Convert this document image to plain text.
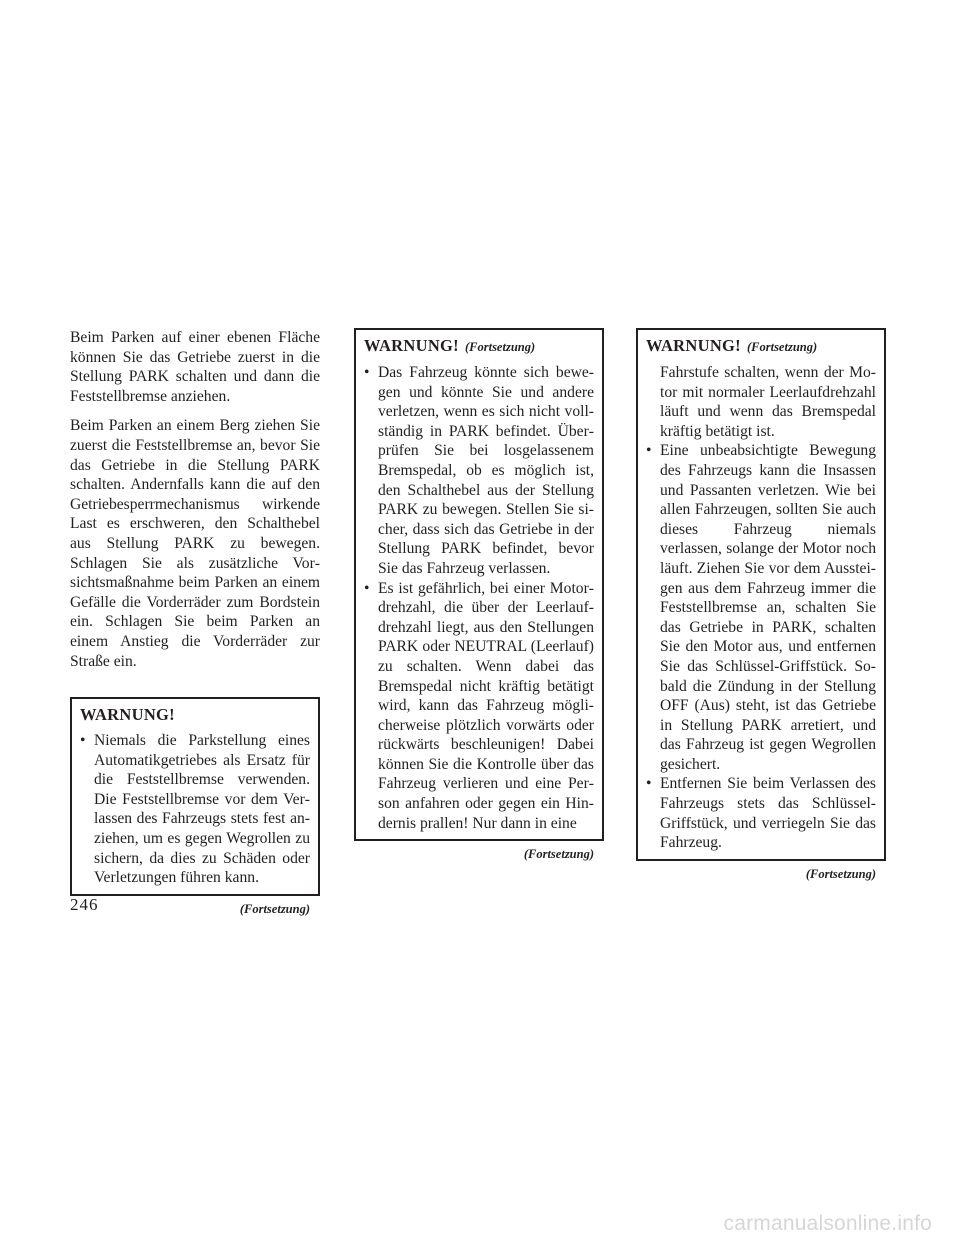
Beim Parken auf einer ebenen Fläche können Sie das Getriebe zuerst in die Stellung PARK schalten und dann die Feststellbremse anziehen.

Beim Parken an einem Berg ziehen Sie zuerst die Feststellbremse an, bevor Sie das Getriebe in die Stellung PARK schalten. Andernfalls kann die auf den Getriebesperrmechanismus wirkende Last es erschweren, den Schalthebel aus Stellung PARK zu bewegen. Schlagen Sie als zusätzliche Vorsichtsmaßnahme beim Parken an einem Gefälle die Vorderräder zum Bordstein ein. Schlagen Sie beim Parken an einem Anstieg die Vorderräder zur Straße ein.

WARNUNG!
• Niemals die Parkstellung eines Automatikgetriebes als Ersatz für die Feststellbremse verwenden. Die Feststellbremse vor dem Verlassen des Fahrzeugs stets fest anziehen, um es gegen Wegrollen zu sichern, da dies zu Schäden oder Verletzungen führen kann.
(Fortsetzung)
WARNUNG! (Fortsetzung)
• Das Fahrzeug könnte sich bewegen und könnte Sie und andere verletzen, wenn es sich nicht vollständig in PARK befindet. Überprüfen Sie bei losgelassenem Bremspedal, ob es möglich ist, den Schalthebel aus der Stellung PARK zu bewegen. Stellen Sie sicher, dass sich das Getriebe in der Stellung PARK befindet, bevor Sie das Fahrzeug verlassen.
• Es ist gefährlich, bei einer Motordrehzahl, die über der Leerlaufdrehzahl liegt, aus den Stellungen PARK oder NEUTRAL (Leerlauf) zu schalten. Wenn dabei das Bremspedal nicht kräftig betätigt wird, kann das Fahrzeug möglicherweise plötzlich vorwärts oder rückwärts beschleunigen! Dabei können Sie die Kontrolle über das Fahrzeug verlieren und eine Person anfahren oder gegen ein Hindernis prallen! Nur dann in eine
(Fortsetzung)
WARNUNG! (Fortsetzung)
Fahrstufe schalten, wenn der Motor mit normaler Leerlaufdrehzahl läuft und wenn das Bremspedal kräftig betätigt ist.
• Eine unbeabsichtigte Bewegung des Fahrzeugs kann die Insassen und Passanten verletzen. Wie bei allen Fahrzeugen, sollten Sie auch dieses Fahrzeug niemals verlassen, solange der Motor noch läuft. Ziehen Sie vor dem Aussteigen aus dem Fahrzeug immer die Feststellbremse an, schalten Sie das Getriebe in PARK, schalten Sie den Motor aus, und entfernen Sie das Schlüssel-Griffstück. Sobald die Zündung in der Stellung OFF (Aus) steht, ist das Getriebe in Stellung PARK arretiert, und das Fahrzeug ist gegen Wegrollen gesichert.
• Entfernen Sie beim Verlassen des Fahrzeugs stets das Schlüssel-Griffstück, und verriegeln Sie das Fahrzeug.
(Fortsetzung)
246
carmanualsonline.info
